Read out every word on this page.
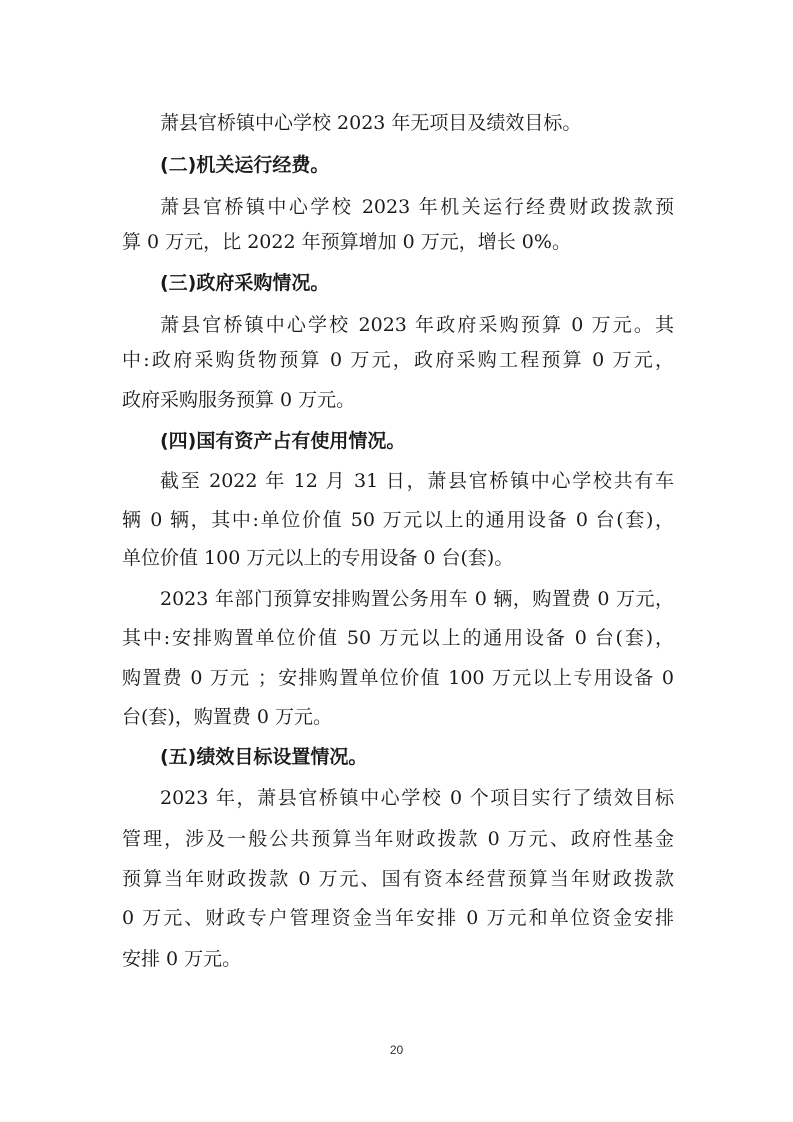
萧县官桥镇中心学校 2023 年无项目及绩效目标。
(二)机关运行经费。
萧县官桥镇中心学校 2023 年机关运行经费财政拨款预
算 0 万元，比 2022 年预算增加 0 万元，增长 0%。
(三)政府采购情况。
萧县官桥镇中心学校 2023 年政府采购预算 0 万元。其
中:政府采购货物预算 0 万元，政府采购工程预算 0 万元，
政府采购服务预算 0 万元。
(四)国有资产占有使用情况。
截至 2022 年 12 月 31 日，萧县官桥镇中心学校共有车
辆 0 辆，其中:单位价值 50 万元以上的通用设备 0 台(套)，
单位价值 100 万元以上的专用设备 0 台(套)。
2023 年部门预算安排购置公务用车 0 辆，购置费 0 万元，
其中:安排购置单位价值 50 万元以上的通用设备 0 台(套)，
购置费 0 万元 ；安排购置单位价值 100 万元以上专用设备 0
台(套)，购置费 0 万元。
(五)绩效目标设置情况。
2023 年，萧县官桥镇中心学校 0 个项目实行了绩效目标
管理，涉及一般公共预算当年财政拨款 0 万元、政府性基金
预算当年财政拨款 0 万元、国有资本经营预算当年财政拨款
0 万元、财政专户管理资金当年安排 0 万元和单位资金安排
安排 0 万元。
20
